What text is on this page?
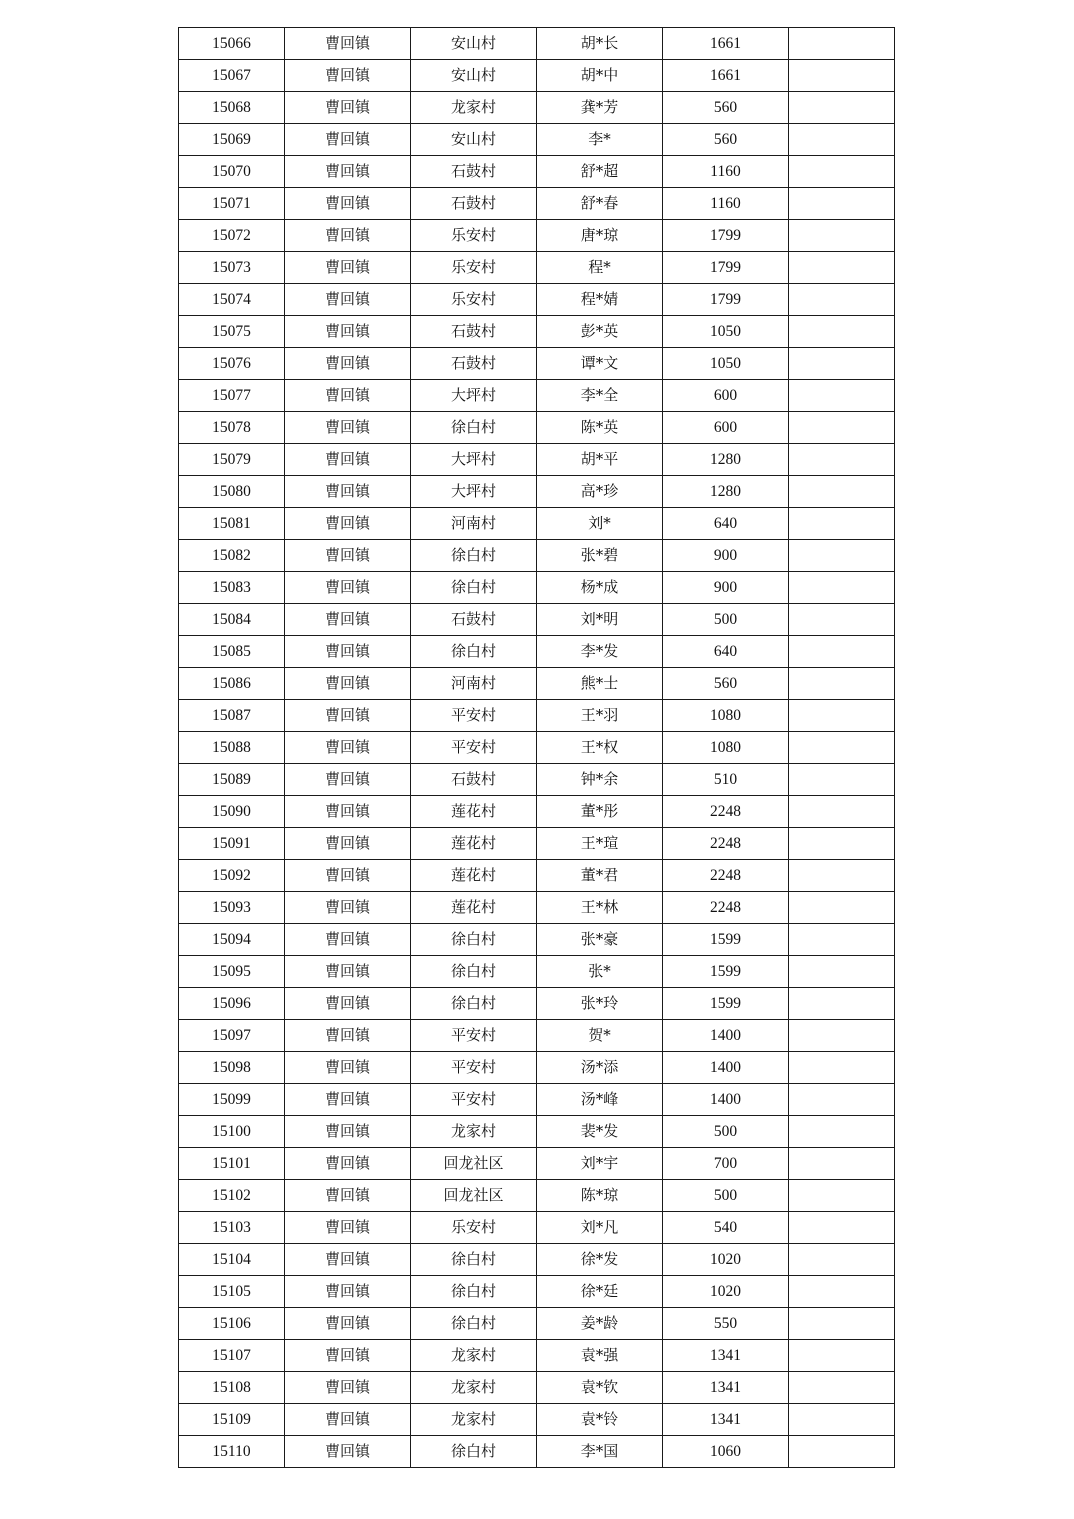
15066	曹回镇	安山村	胡*长	1661	
15067	曹回镇	安山村	胡*中	1661	
15068	曹回镇	龙家村	龚*芳	560	
15069	曹回镇	安山村	李*	560	
15070	曹回镇	石鼓村	舒*超	1160	
15071	曹回镇	石鼓村	舒*春	1160	
15072	曹回镇	乐安村	唐*琼	1799	
15073	曹回镇	乐安村	程*	1799	
15074	曹回镇	乐安村	程*婧	1799	
15075	曹回镇	石鼓村	彭*英	1050	
15076	曹回镇	石鼓村	谭*文	1050	
15077	曹回镇	大坪村	李*全	600	
15078	曹回镇	徐白村	陈*英	600	
15079	曹回镇	大坪村	胡*平	1280	
15080	曹回镇	大坪村	高*珍	1280	
15081	曹回镇	河南村	刘*	640	
15082	曹回镇	徐白村	张*碧	900	
15083	曹回镇	徐白村	杨*成	900	
15084	曹回镇	石鼓村	刘*明	500	
15085	曹回镇	徐白村	李*发	640	
15086	曹回镇	河南村	熊*士	560	
15087	曹回镇	平安村	王*羽	1080	
15088	曹回镇	平安村	王*权	1080	
15089	曹回镇	石鼓村	钟*余	510	
15090	曹回镇	莲花村	董*彤	2248	
15091	曹回镇	莲花村	王*瑄	2248	
15092	曹回镇	莲花村	董*君	2248	
15093	曹回镇	莲花村	王*林	2248	
15094	曹回镇	徐白村	张*豪	1599	
15095	曹回镇	徐白村	张*	1599	
15096	曹回镇	徐白村	张*玲	1599	
15097	曹回镇	平安村	贺*	1400	
15098	曹回镇	平安村	汤*添	1400	
15099	曹回镇	平安村	汤*峰	1400	
15100	曹回镇	龙家村	裴*发	500	
15101	曹回镇	回龙社区	刘*宇	700	
15102	曹回镇	回龙社区	陈*琼	500	
15103	曹回镇	乐安村	刘*凡	540	
15104	曹回镇	徐白村	徐*发	1020	
15105	曹回镇	徐白村	徐*廷	1020	
15106	曹回镇	徐白村	姜*龄	550	
15107	曹回镇	龙家村	袁*强	1341	
15108	曹回镇	龙家村	袁*钦	1341	
15109	曹回镇	龙家村	袁*铃	1341	
15110	曹回镇	徐白村	李*国	1060	
